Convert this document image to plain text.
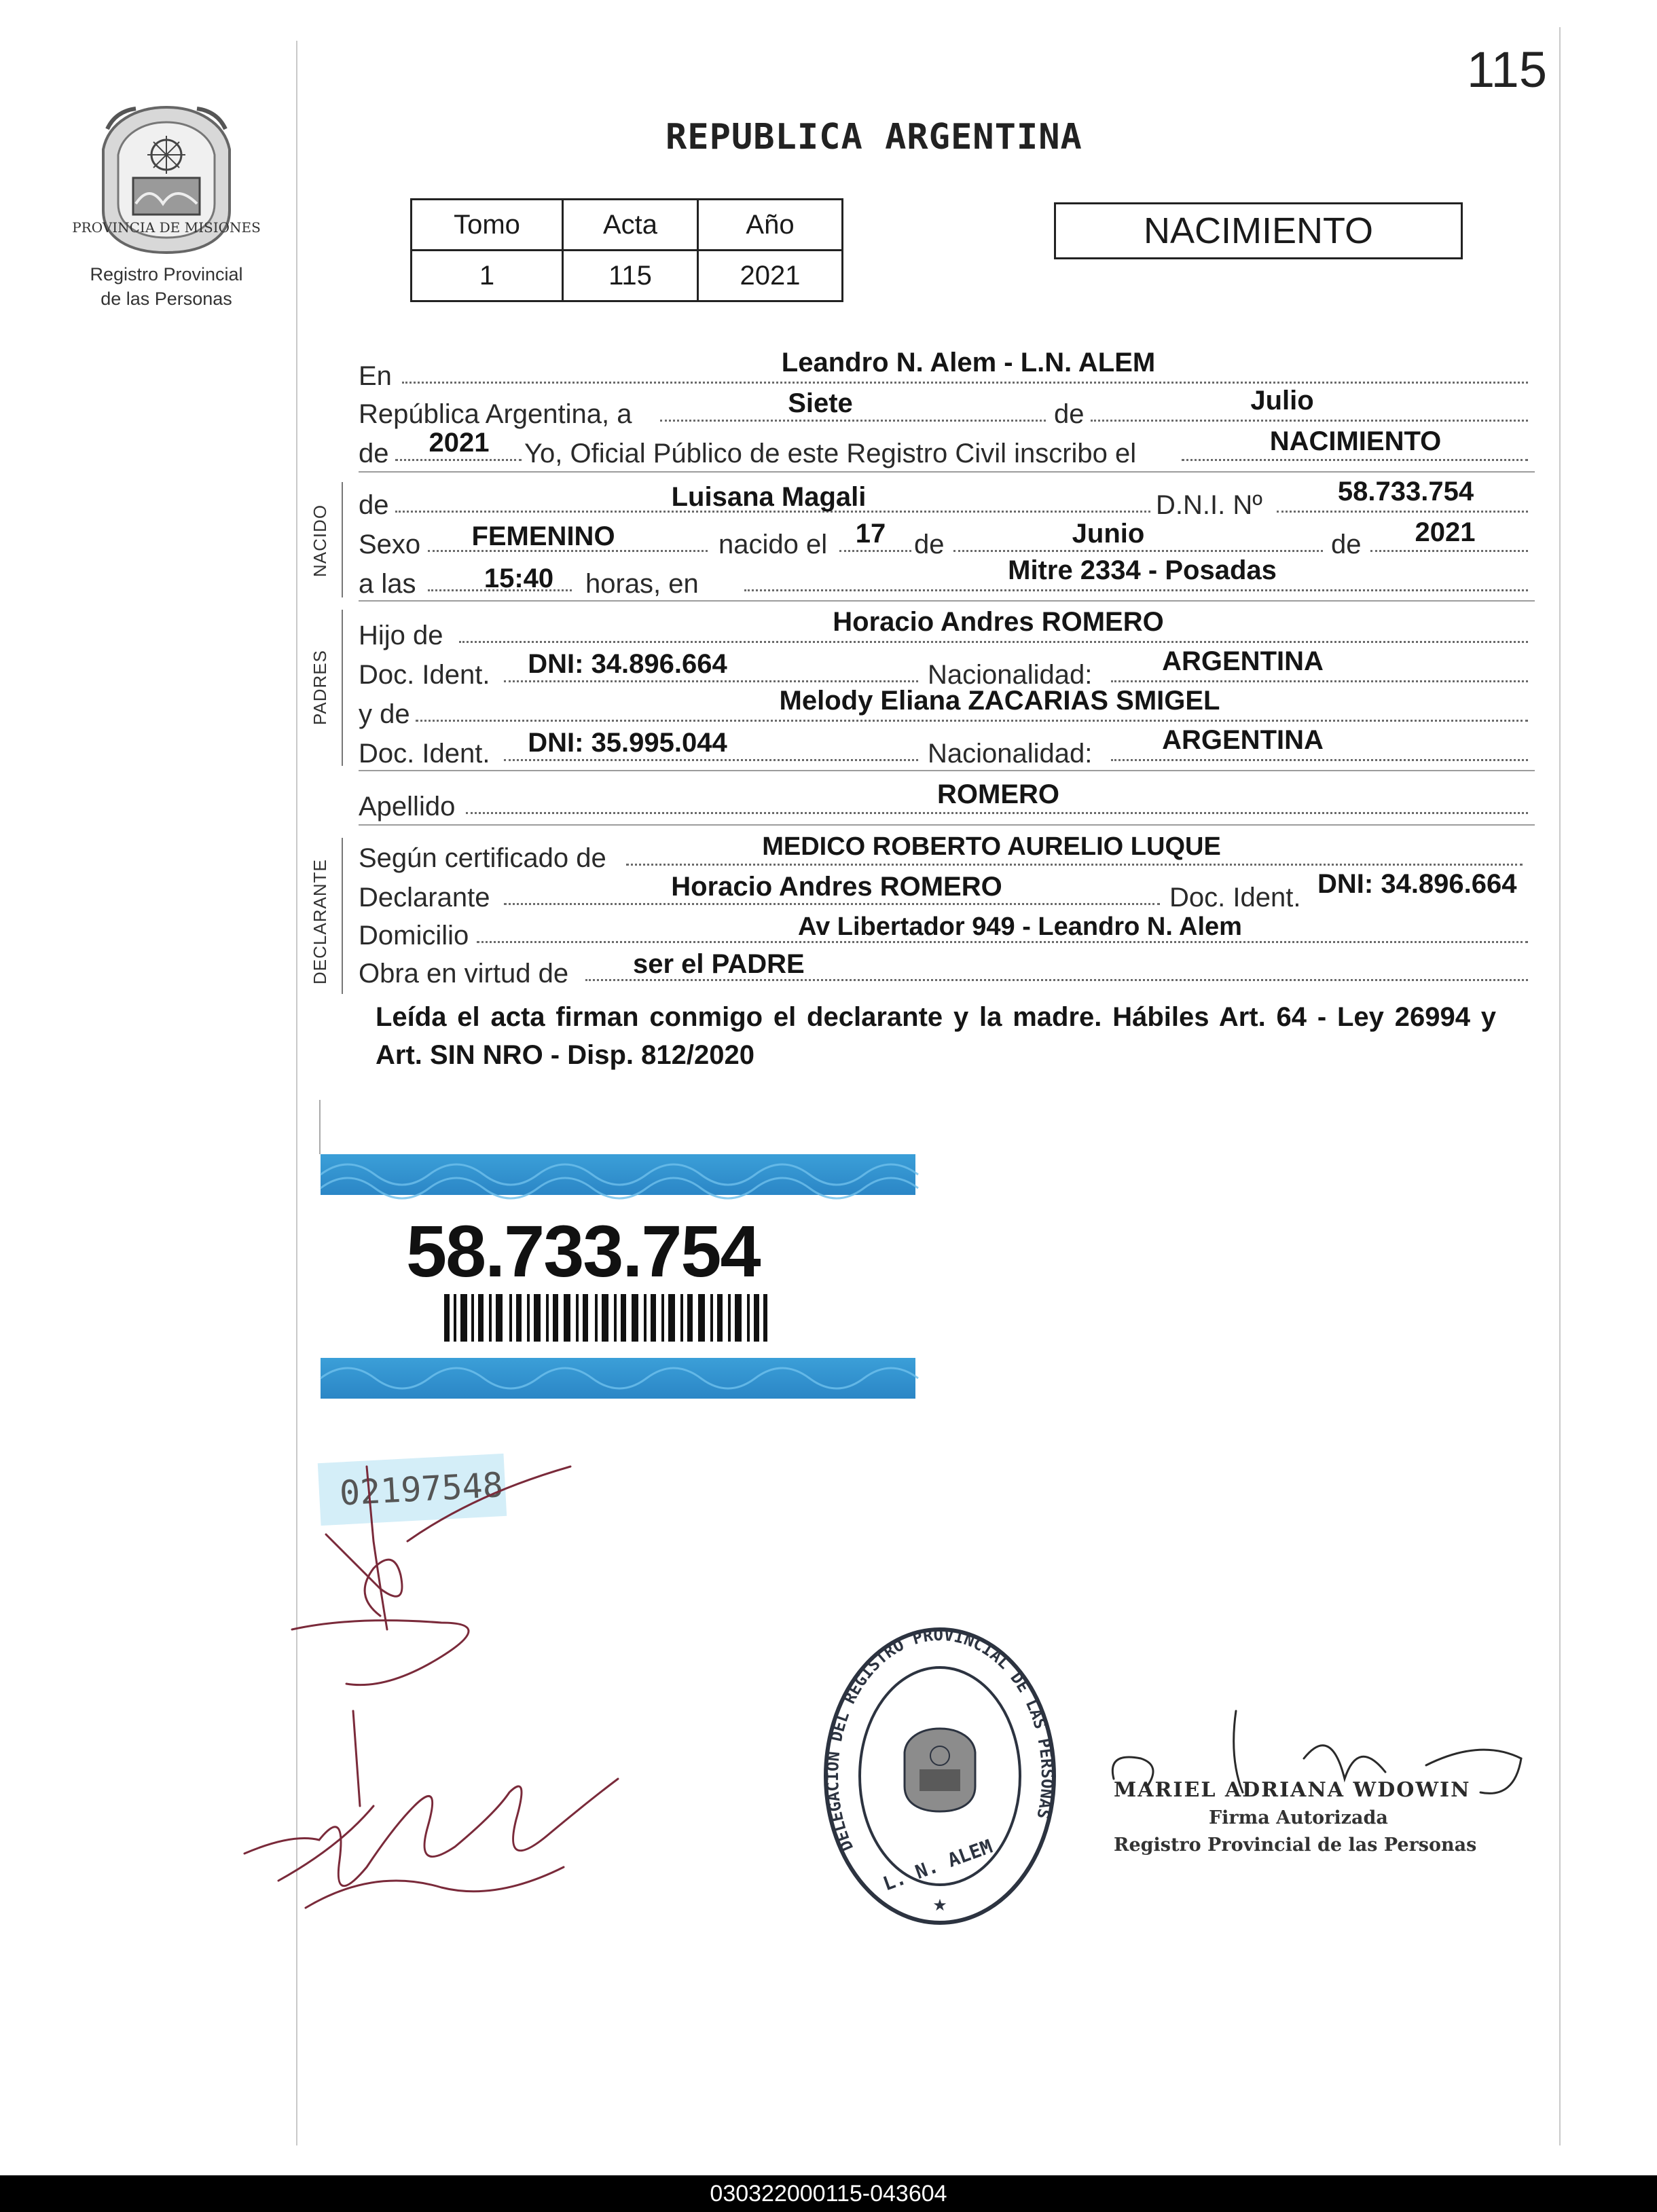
115
PROVINCIA DE MISIONES
Registro Provincial
de las Personas
REPUBLICA ARGENTINA
Tomo	Acta	Año
1	115	2021
NACIMIENTO
En	Leandro N. Alem - L.N. ALEM
República Argentina, a	Siete	de	Julio
de 2021 Yo, Oficial Público de este Registro Civil inscribo el	NACIMIENTO
NACIDO de	Luisana Magali	D.N.I. Nº	58.733.754
Sexo FEMENINO	nacido el 17 de	Junio	de 2021
a las	15:40 horas, en	Mitre 2334 - Posadas
PADRES
Hijo de	Horacio Andres ROMERO
Doc. Ident. DNI: 34.896.664	Nacionalidad:	ARGENTINA
y de	Melody Eliana ZACARIAS SMIGEL
Doc. Ident. DNI: 35.995.044	Nacionalidad:	ARGENTINA
Apellido	ROMERO
DECLARANTE
Según certificado de	MEDICO ROBERTO AURELIO LUQUE
Declarante	Horacio Andres ROMERO	Doc. Ident. DNI: 34.896.664
Domicilio	Av Libertador 949 - Leandro N. Alem
Obra en virtud de ser el PADRE
Leída el acta firman conmigo el declarante y la madre. Hábiles Art. 64 - Ley 26994 y Art. SIN NRO - Disp. 812/2020
58.733.754
02197548
DELEGACION DEL REGISTRO PROVINCIAL DE LAS PERSONAS
L. N. ALEM
★
MARIEL ADRIANA WDOWIN
Firma Autorizada
Registro Provincial de las Personas
030322000115-043604
